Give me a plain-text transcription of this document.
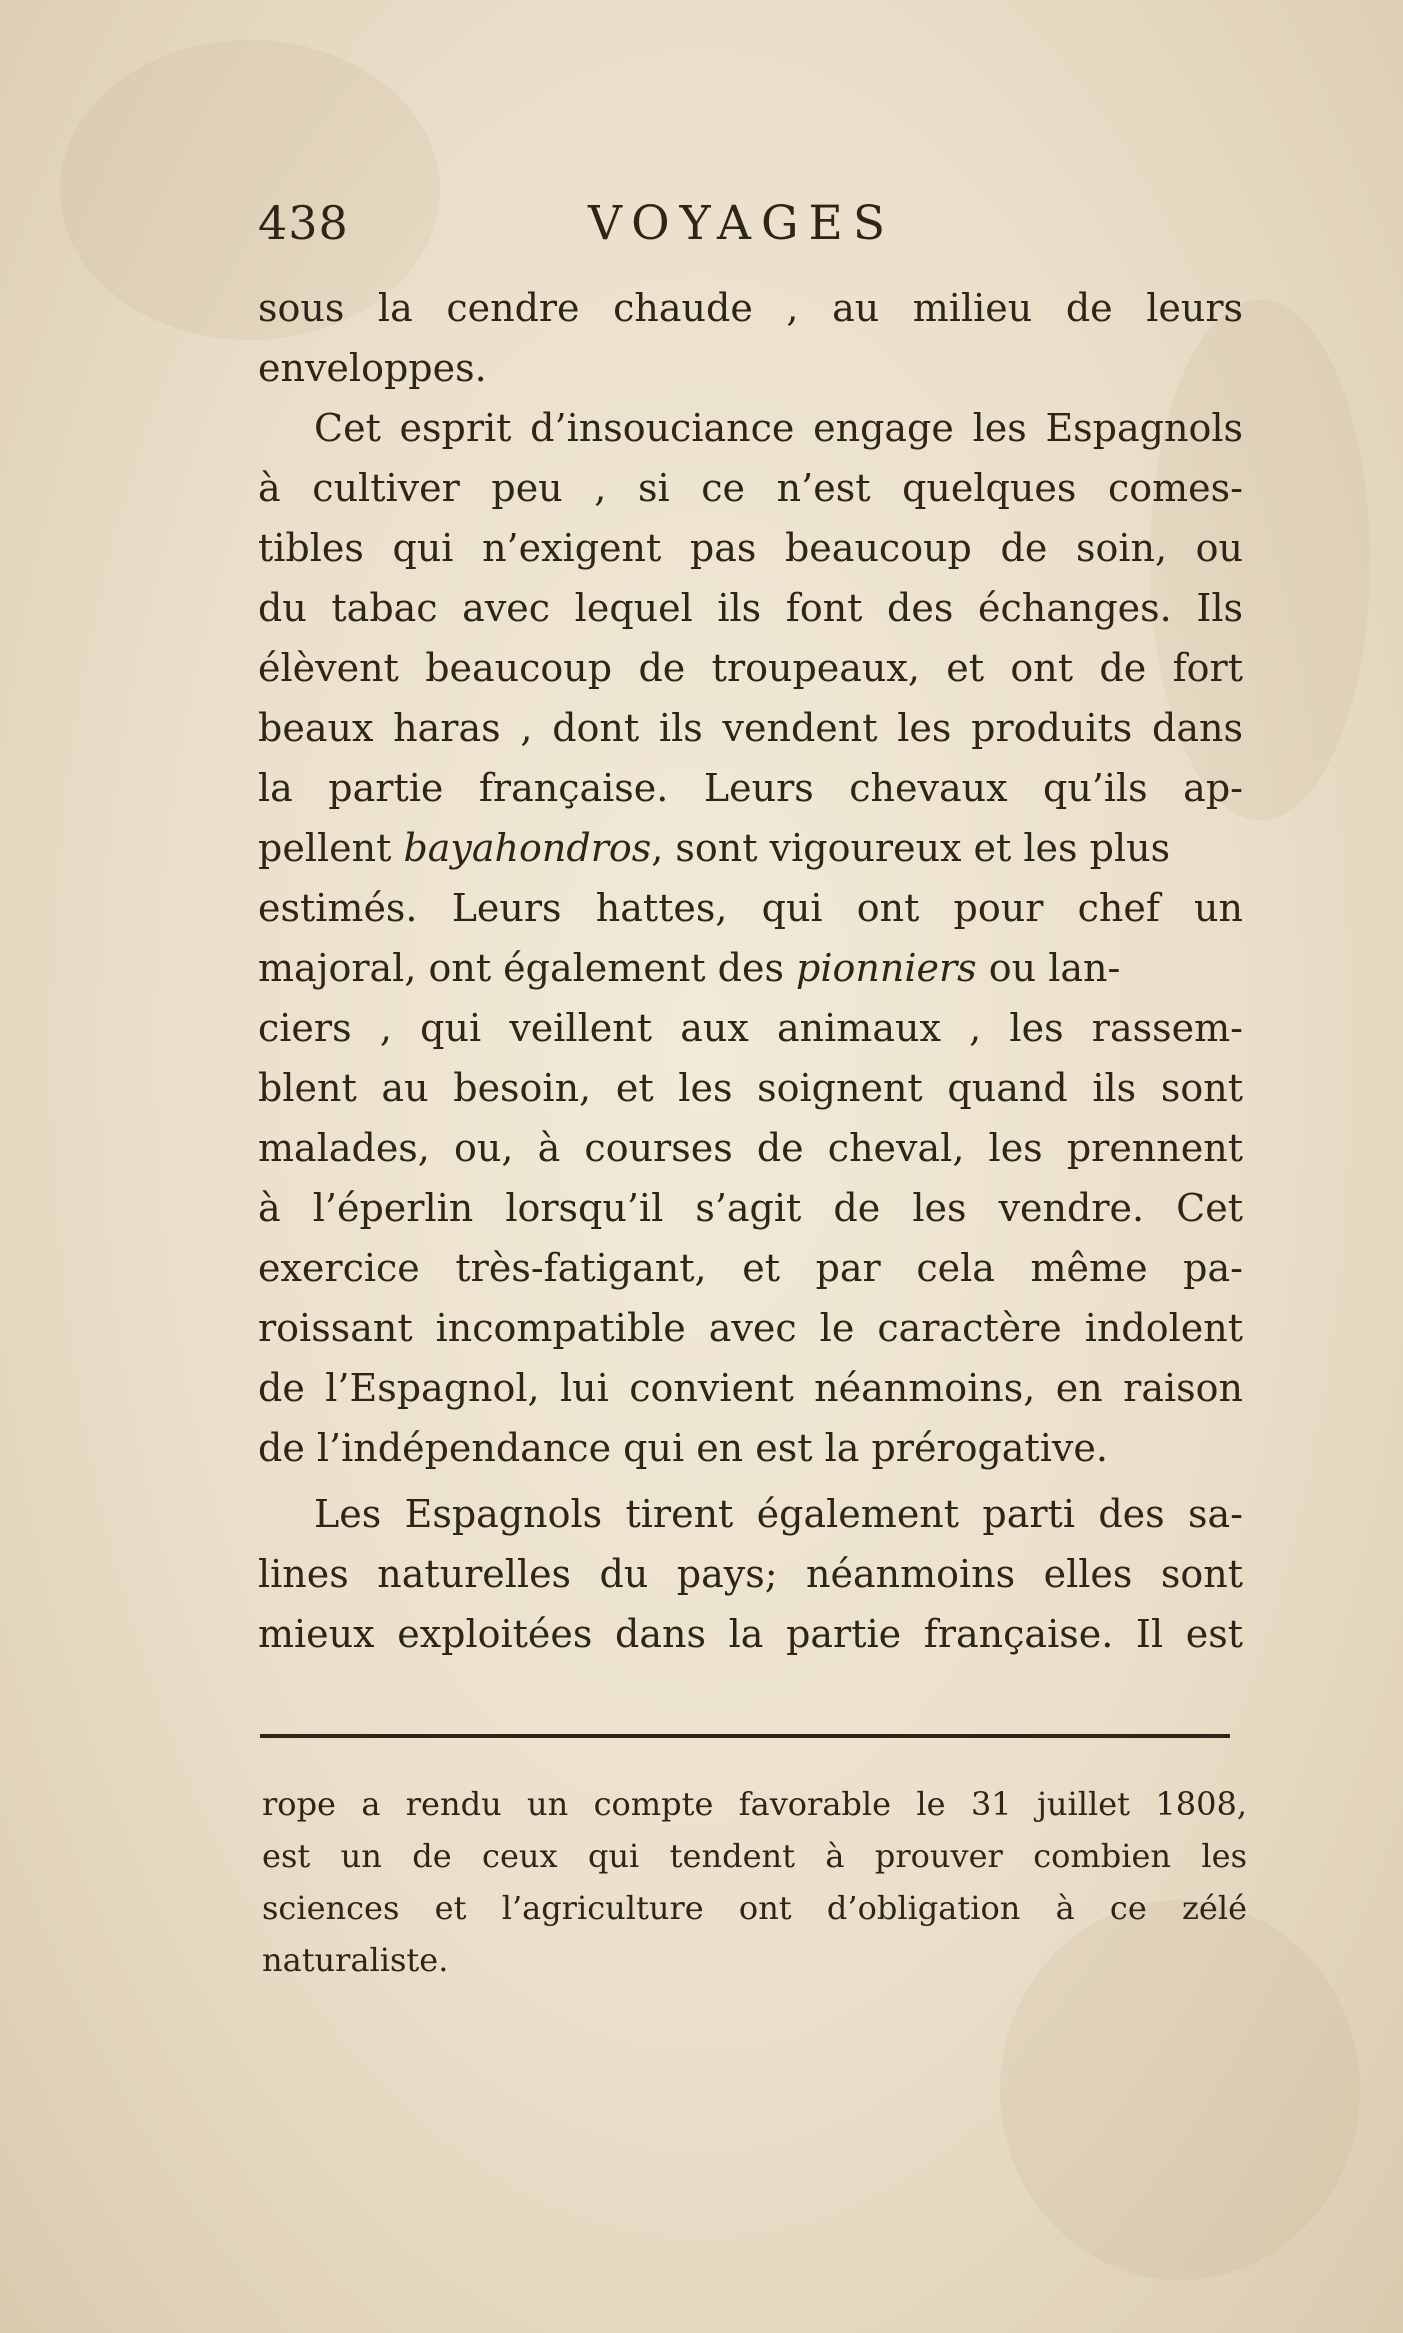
438	VOYAGES
sous la cendre chaude , au milieu de leurs
enveloppes.
Cet esprit d’insouciance engage les Espagnols
à cultiver peu , si ce n’est quelques comes-
tibles qui n’exigent pas beaucoup de soin, ou
du tabac avec lequel ils font des échanges. Ils
élèvent beaucoup de troupeaux, et ont de fort
beaux haras , dont ils vendent les produits dans
la partie française. Leurs chevaux qu’ils ap-
pellent bayahondros, sont vigoureux et les plus
estimés. Leurs hattes, qui ont pour chef un
majoral, ont également des pionniers ou lan-
ciers , qui veillent aux animaux , les rassem-
blent au besoin, et les soignent quand ils sont
malades, ou, à courses de cheval, les prennent
à l’éperlin lorsqu’il s’agit de les vendre. Cet
exercice très-fatigant, et par cela même pa-
roissant incompatible avec le caractère indolent
de l’Espagnol, lui convient néanmoins, en raison
de l’indépendance qui en est la prérogative.
Les Espagnols tirent également parti des sa-
lines naturelles du pays; néanmoins elles sont
mieux exploitées dans la partie française. Il est
rope a rendu un compte favorable le 31 juillet 1808,
est un de ceux qui tendent à prouver combien les
sciences et l’agriculture ont d’obligation à ce zélé
naturaliste.
